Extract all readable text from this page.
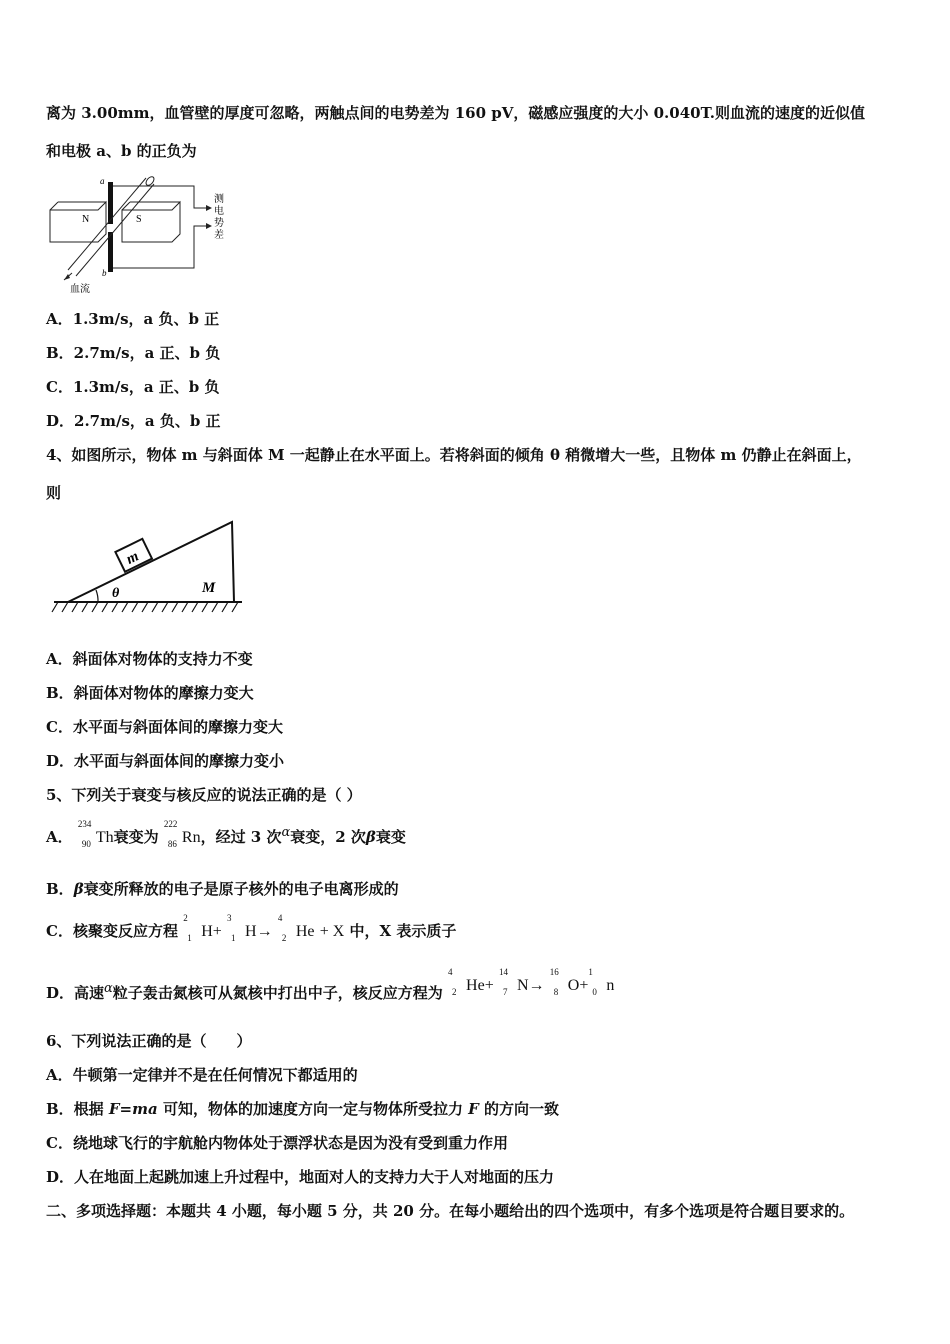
离为 3.00mm，血管壁的厚度可忽略，两触点间的电势差为 160 pV，磁感应强度的大小 0.040T.则血流的速度的近似值
和电极 a、b 的正负为
N	S
a
b
血流
测
电
势
差
A．1.3m/s，a 负、b 正
B．2.7m/s，a 正、b 负
C．1.3m/s，a 正、b 负
D．2.7m/s，a 负、b 正
4、如图所示，物体 m 与斜面体 M 一起静止在水平面上。若将斜面的倾角 θ 稍微增大一些，且物体 m 仍静止在斜面上，
则
m
θ	M
A．斜面体对物体的支持力不变
B．斜面体对物体的摩擦力变大
C．水平面与斜面体间的摩擦力变大
D．水平面与斜面体间的摩擦力变小
5、下列关于衰变与核反应的说法正确的是（ ）
A．
234
90 Th衰变为
222
86 Rn，经过 3 次α衰变，2 次β衰变
B．β衰变所释放的电子是原子核外的电子电离形成的
C．核聚变反应方程
2
1 H+
3
1 H→
4
2 He + X 中，X 表示质子
D．高速α粒子轰击氮核可从氮核中打出中子，核反应方程为
4
2 He+
14
7 N→
16
8 O+
1
0 n
6、下列说法正确的是（　　）
A．牛顿第一定律并不是在任何情况下都适用的
B．根据 F=ma 可知，物体的加速度方向一定与物体所受拉力 F 的方向一致
C．绕地球飞行的宇航舱内物体处于漂浮状态是因为没有受到重力作用
D．人在地面上起跳加速上升过程中，地面对人的支持力大于人对地面的压力
二、多项选择题：本题共 4 小题，每小题 5 分，共 20 分。在每小题给出的四个选项中，有多个选项是符合题目要求的。
